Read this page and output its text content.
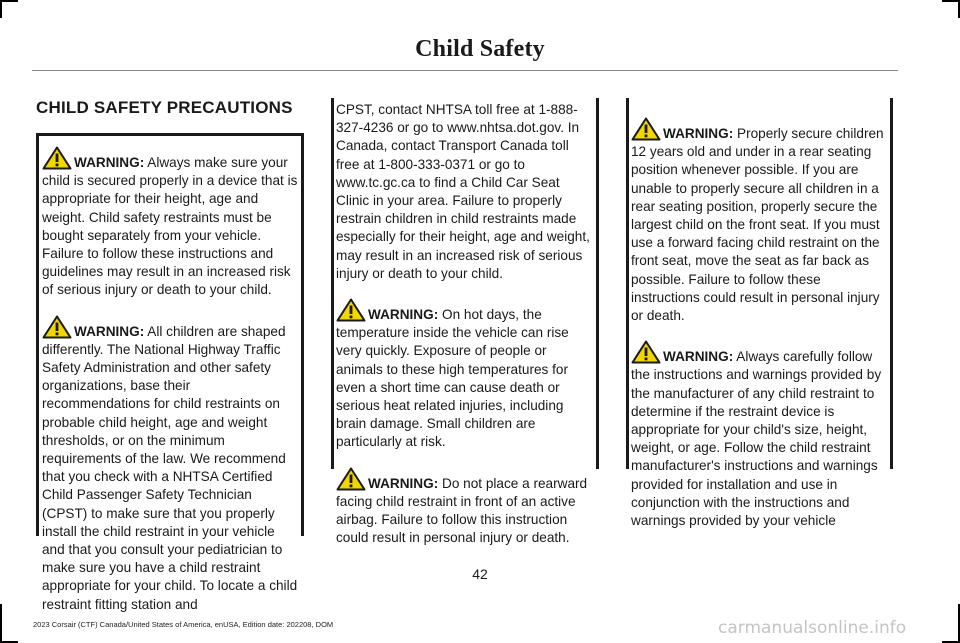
Child Safety
CHILD SAFETY PRECAUTIONS

WARNING: Always make sure your child is secured properly in a device that is appropriate for their height, age and weight. Child safety restraints must be bought separately from your vehicle. Failure to follow these instructions and guidelines may result in an increased risk of serious injury or death to your child.

WARNING: All children are shaped differently. The National Highway Traffic Safety Administration and other safety organizations, base their recommendations for child restraints on probable child height, age and weight thresholds, or on the minimum requirements of the law. We recommend that you check with a NHTSA Certified Child Passenger Safety Technician (CPST) to make sure that you properly install the child restraint in your vehicle and that you consult your pediatrician to make sure you have a child restraint appropriate for your child. To locate a child restraint fitting station and

CPST, contact NHTSA toll free at 1-888-327-4236 or go to www.nhtsa.dot.gov. In Canada, contact Transport Canada toll free at 1-800-333-0371 or go to www.tc.gc.ca to find a Child Car Seat Clinic in your area. Failure to properly restrain children in child restraints made especially for their height, age and weight, may result in an increased risk of serious injury or death to your child.

WARNING: On hot days, the temperature inside the vehicle can rise very quickly. Exposure of people or animals to these high temperatures for even a short time can cause death or serious heat related injuries, including brain damage. Small children are particularly at risk.

WARNING: Do not place a rearward facing child restraint in front of an active airbag. Failure to follow this instruction could result in personal injury or death.

WARNING: Properly secure children 12 years old and under in a rear seating position whenever possible. If you are unable to properly secure all children in a rear seating position, properly secure the largest child on the front seat. If you must use a forward facing child restraint on the front seat, move the seat as far back as possible. Failure to follow these instructions could result in personal injury or death.

WARNING: Always carefully follow the instructions and warnings provided by the manufacturer of any child restraint to determine if the restraint device is appropriate for your child's size, height, weight, or age. Follow the child restraint manufacturer's instructions and warnings provided for installation and use in conjunction with the instructions and warnings provided by your vehicle

42
2023 Corsair (CTF) Canada/United States of America, enUSA, Edition date: 202208, DOM	carmanualsonline.info
